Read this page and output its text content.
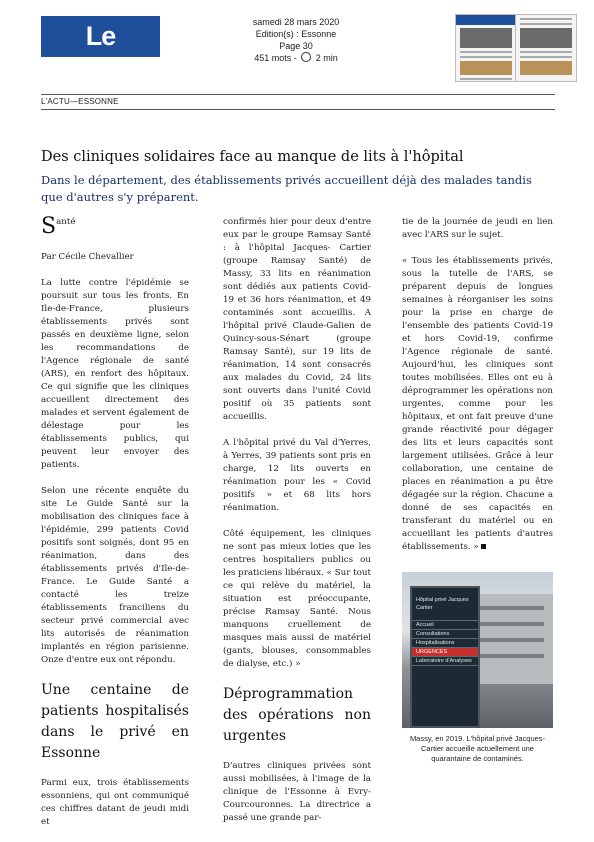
Le Parisien
samedi 28 mars 2020
Edition(s) : Essonne
Page 30
451 mots - 2 min
L'ACTU—ESSONNE
Des cliniques solidaires face au manque de lits à l'hôpital

Dans le département, des établissements privés accueillent déjà des malades tandis que d'autres s'y préparent.

Santé

Par Cécile Chevallier

La lutte contre l'épidémie se poursuit sur tous les fronts. En Ile-de-France, plusieurs établissements privés sont passés en deuxième ligne, selon les recommandations de l'Agence régionale de santé (ARS), en renfort des hôpitaux. Ce qui signifie que les cliniques accueillent directement des malades et servent également de délestage pour les établissements publics, qui peuvent leur envoyer des patients.

Selon une récente enquête du site Le Guide Santé sur la mobilisation des cliniques face à l'épidémie, 299 patients Covid positifs sont soignés, dont 95 en réanimation, dans des établissements privés d'Ile-de-France. Le Guide Santé a contacté les treize établissements franciliens du secteur privé commercial avec lits autorisés de réanimation implantés en région parisienne. Onze d'entre eux ont répondu.

Une centaine de patients hospitalisés dans le privé en Essonne

Parmi eux, trois établissements essonniens, qui ont communiqué ces chiffres datant de jeudi midi et

confirmés hier pour deux d'entre eux par le groupe Ramsay Santé : à l'hôpital Jacques- Cartier (groupe Ramsay Santé) de Massy, 33 lits en réanimation sont dédiés aux patients Covid-19 et 36 hors réanimation, et 49 contaminés sont accueillis. A l'hôpital privé Claude-Galien de Quincy-sous-Sénart (groupe Ramsay Santé), sur 19 lits de réanimation, 14 sont consacrés aux malades du Covid, 24 lits sont ouverts dans l'unité Covid positif où 35 patients sont accueillis.

A l'hôpital privé du Val d'Yerres, à Yerres, 39 patients sont pris en charge, 12 lits ouverts en réanimation pour les « Covid positifs » et 68 lits hors réanimation.

Côté équipement, les cliniques ne sont pas mieux loties que les centres hospitaliers publics ou les praticiens libéraux. « Sur tout ce qui relève du matériel, la situation est préoccupante, précise Ramsay Santé. Nous manquons cruellement de masques mais aussi de matériel (gants, blouses, consommables de dialyse, etc.) »

Déprogrammation des opérations non urgentes

D'autres cliniques privées sont aussi mobilisées, à l'image de la clinique de l'Essonne à Evry-Courcouronnes. La directrice a passé une grande par-

tie de la journée de jeudi en lien avec l'ARS sur le sujet.

« Tous les établissements privés, sous la tutelle de l'ARS, se préparent depuis de longues semaines à réorganiser les soins pour la prise en charge de l'ensemble des patients Covid-19 et hors Covid-19, confirme l'Agence régionale de santé. Aujourd'hui, les cliniques sont toutes mobilisées. Elles ont eu à déprogrammer les opérations non urgentes, comme pour les hôpitaux, et ont fait preuve d'une grande réactivité pour dégager des lits et leurs capacités sont largement utilisées. Grâce à leur collaboration, une centaine de places en réanimation a pu être dégagée sur la région. Chacune a donné de ses capacités en transferant du matériel ou en accueillant les patients d'autres établissements. »

Hôpital privé Jacques Cartier
Accueil
Consultations
Hospitalisations
URGENCES
Laboratoire d'Analyses
Massy, en 2019. L'hôpital privé Jacques-Cartier accueille actuellement une quarantaine de contaminés.
